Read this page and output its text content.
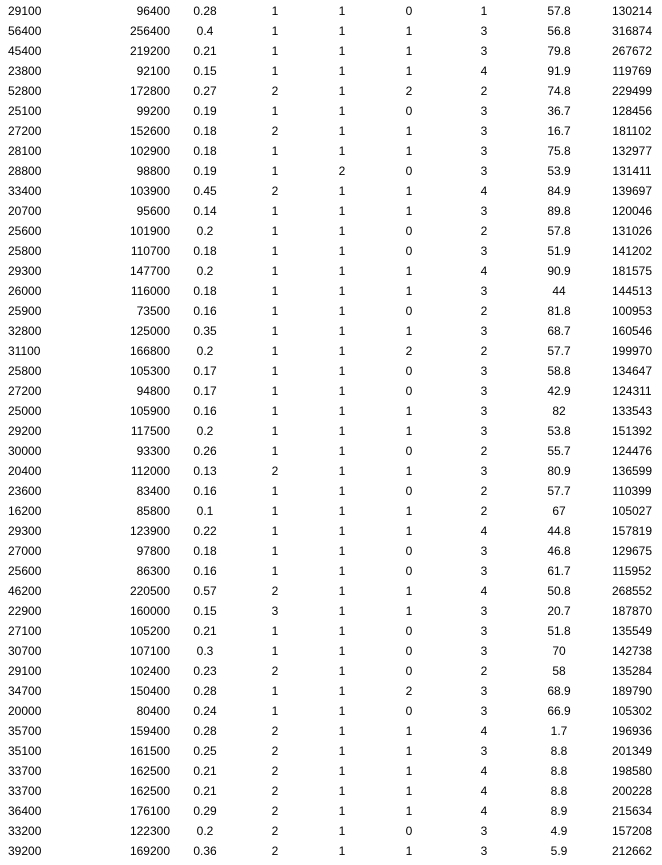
29100	96400	0.28	1	1	0	1	57.8	130214
56400	256400	0.4	1	1	1	3	56.8	316874
45400	219200	0.21	1	1	1	3	79.8	267672
23800	92100	0.15	1	1	1	4	91.9	119769
52800	172800	0.27	2	1	2	2	74.8	229499
25100	99200	0.19	1	1	0	3	36.7	128456
27200	152600	0.18	2	1	1	3	16.7	181102
28100	102900	0.18	1	1	1	3	75.8	132977
28800	98800	0.19	1	2	0	3	53.9	131411
33400	103900	0.45	2	1	1	4	84.9	139697
20700	95600	0.14	1	1	1	3	89.8	120046
25600	101900	0.2	1	1	0	2	57.8	131026
25800	110700	0.18	1	1	0	3	51.9	141202
29300	147700	0.2	1	1	1	4	90.9	181575
26000	116000	0.18	1	1	1	3	44	144513
25900	73500	0.16	1	1	0	2	81.8	100953
32800	125000	0.35	1	1	1	3	68.7	160546
31100	166800	0.2	1	1	2	2	57.7	199970
25800	105300	0.17	1	1	0	3	58.8	134647
27200	94800	0.17	1	1	0	3	42.9	124311
25000	105900	0.16	1	1	1	3	82	133543
29200	117500	0.2	1	1	1	3	53.8	151392
30000	93300	0.26	1	1	0	2	55.7	124476
20400	112000	0.13	2	1	1	3	80.9	136599
23600	83400	0.16	1	1	0	2	57.7	110399
16200	85800	0.1	1	1	1	2	67	105027
29300	123900	0.22	1	1	1	4	44.8	157819
27000	97800	0.18	1	1	0	3	46.8	129675
25600	86300	0.16	1	1	0	3	61.7	115952
46200	220500	0.57	2	1	1	4	50.8	268552
22900	160000	0.15	3	1	1	3	20.7	187870
27100	105200	0.21	1	1	0	3	51.8	135549
30700	107100	0.3	1	1	0	3	70	142738
29100	102400	0.23	2	1	0	2	58	135284
34700	150400	0.28	1	1	2	3	68.9	189790
20000	80400	0.24	1	1	0	3	66.9	105302
35700	159400	0.28	2	1	1	4	1.7	196936
35100	161500	0.25	2	1	1	3	8.8	201349
33700	162500	0.21	2	1	1	4	8.8	198580
33700	162500	0.21	2	1	1	4	8.8	200228
36400	176100	0.29	2	1	1	4	8.9	215634
33200	122300	0.2	2	1	0	3	4.9	157208
39200	169200	0.36	2	1	1	3	5.9	212662
